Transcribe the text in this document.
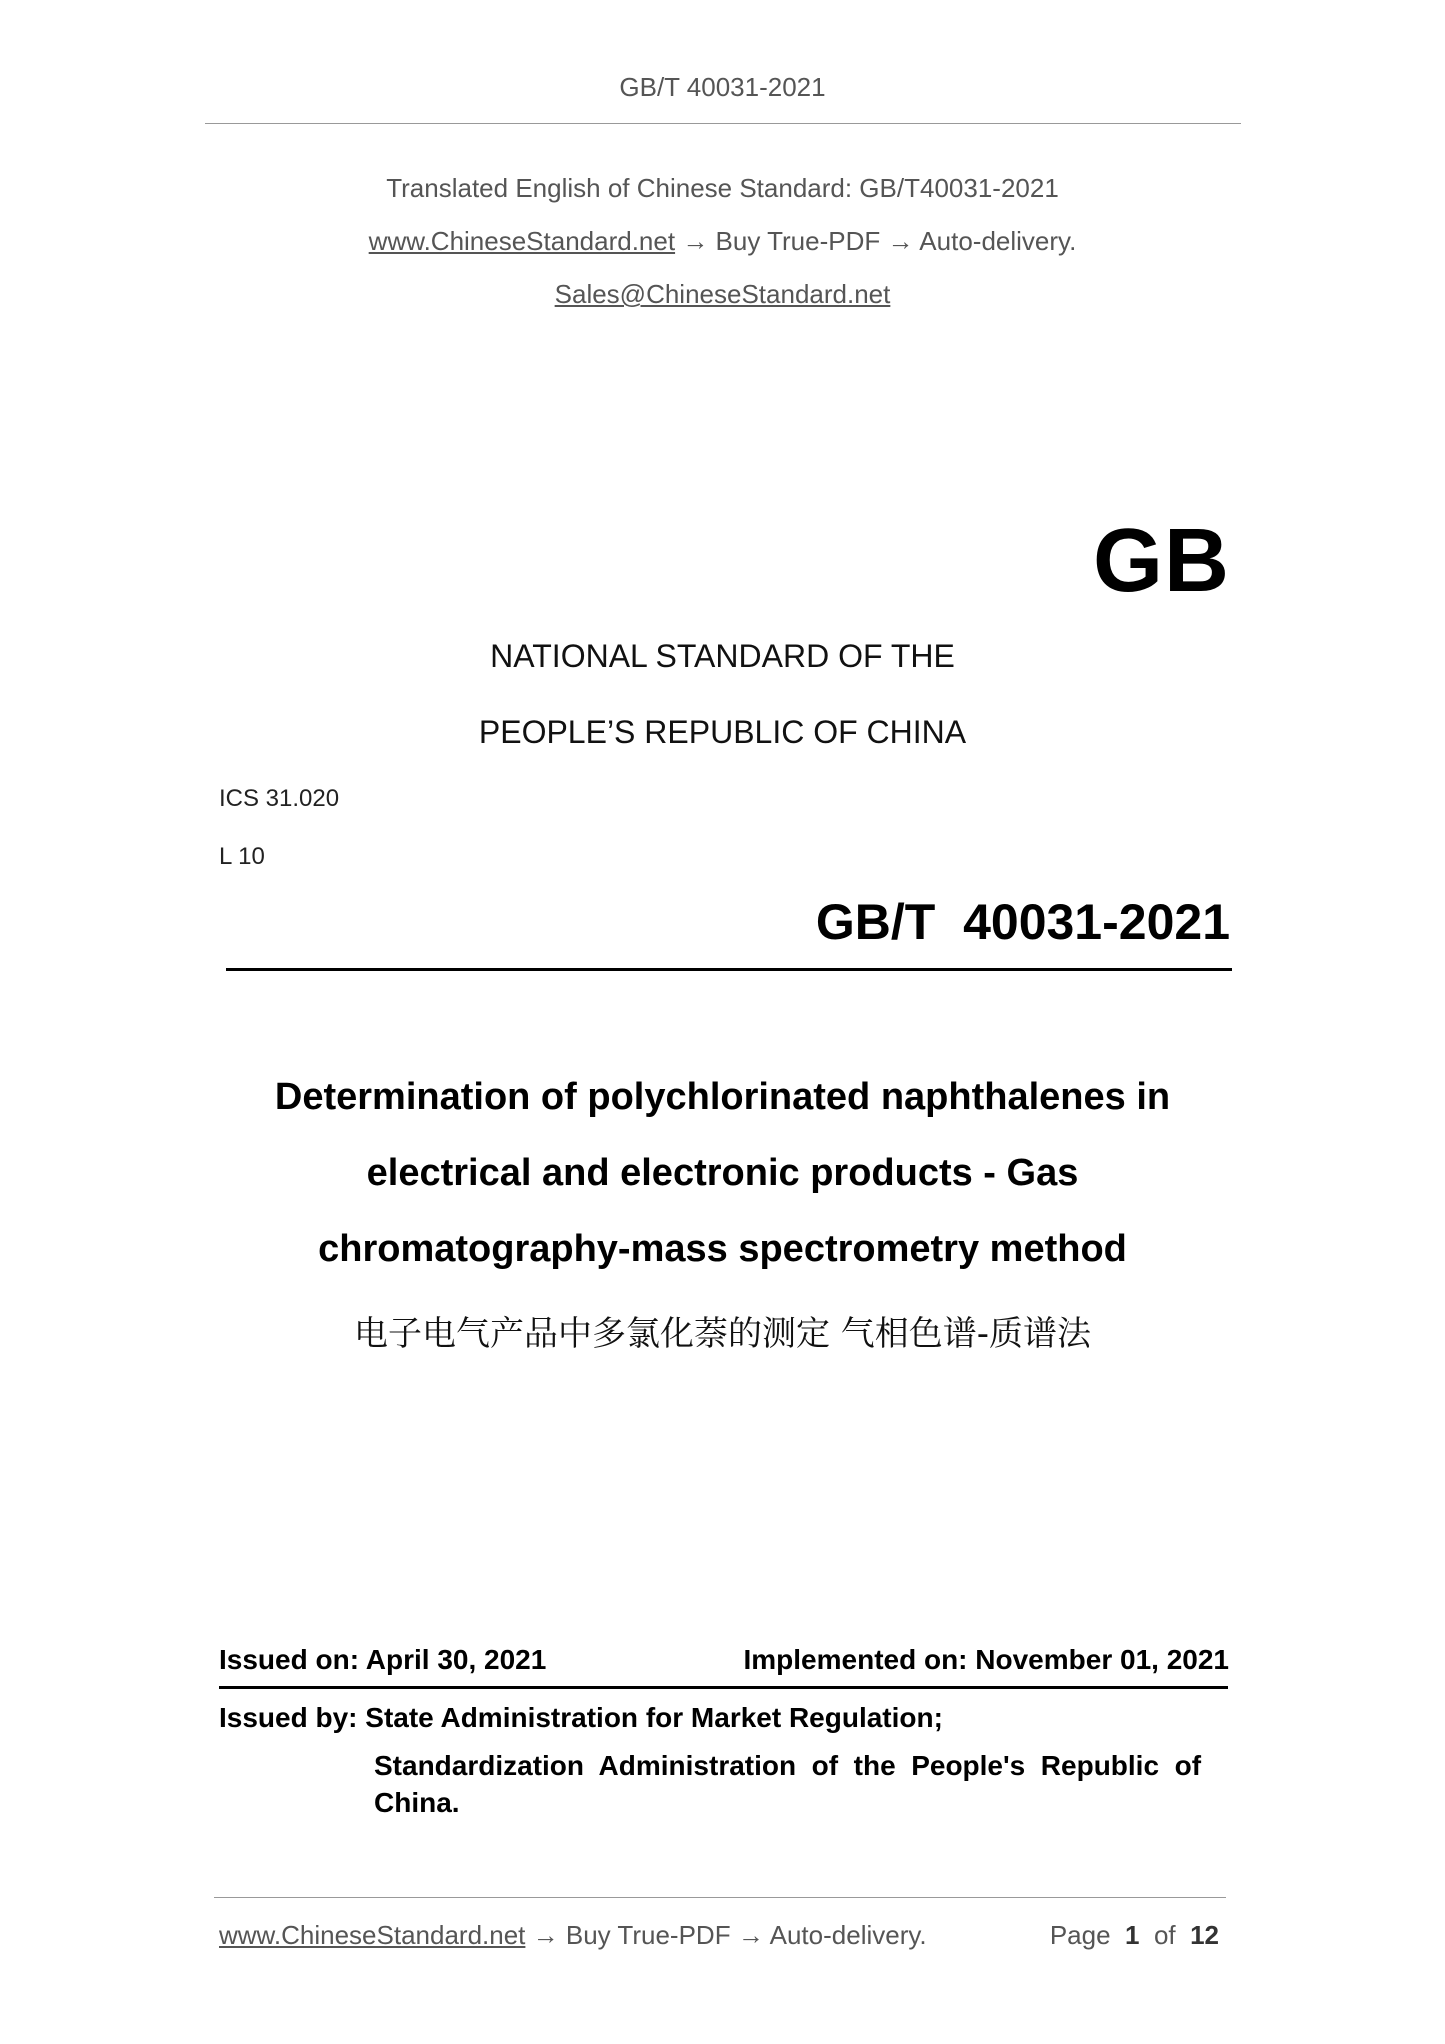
GB/T 40031-2021
Translated English of Chinese Standard: GB/T40031-2021
www.ChineseStandard.net → Buy True-PDF → Auto-delivery.
Sales@ChineseStandard.net
GB
NATIONAL STANDARD OF THE
PEOPLE’S REPUBLIC OF CHINA
ICS 31.020
L 10
GB/T  40031-2021
Determination of polychlorinated naphthalenes in
electrical and electronic products - Gas
chromatography-mass spectrometry method
电子电气产品中多氯化萘的测定 气相色谱-质谱法
Issued on: April 30, 2021	Implemented on: November 01, 2021
Issued by: State Administration for Market Regulation;
Standardization  Administration  of  the  People's  Republic  of
China.
www.ChineseStandard.net → Buy True-PDF → Auto-delivery.	Page 1 of 12
